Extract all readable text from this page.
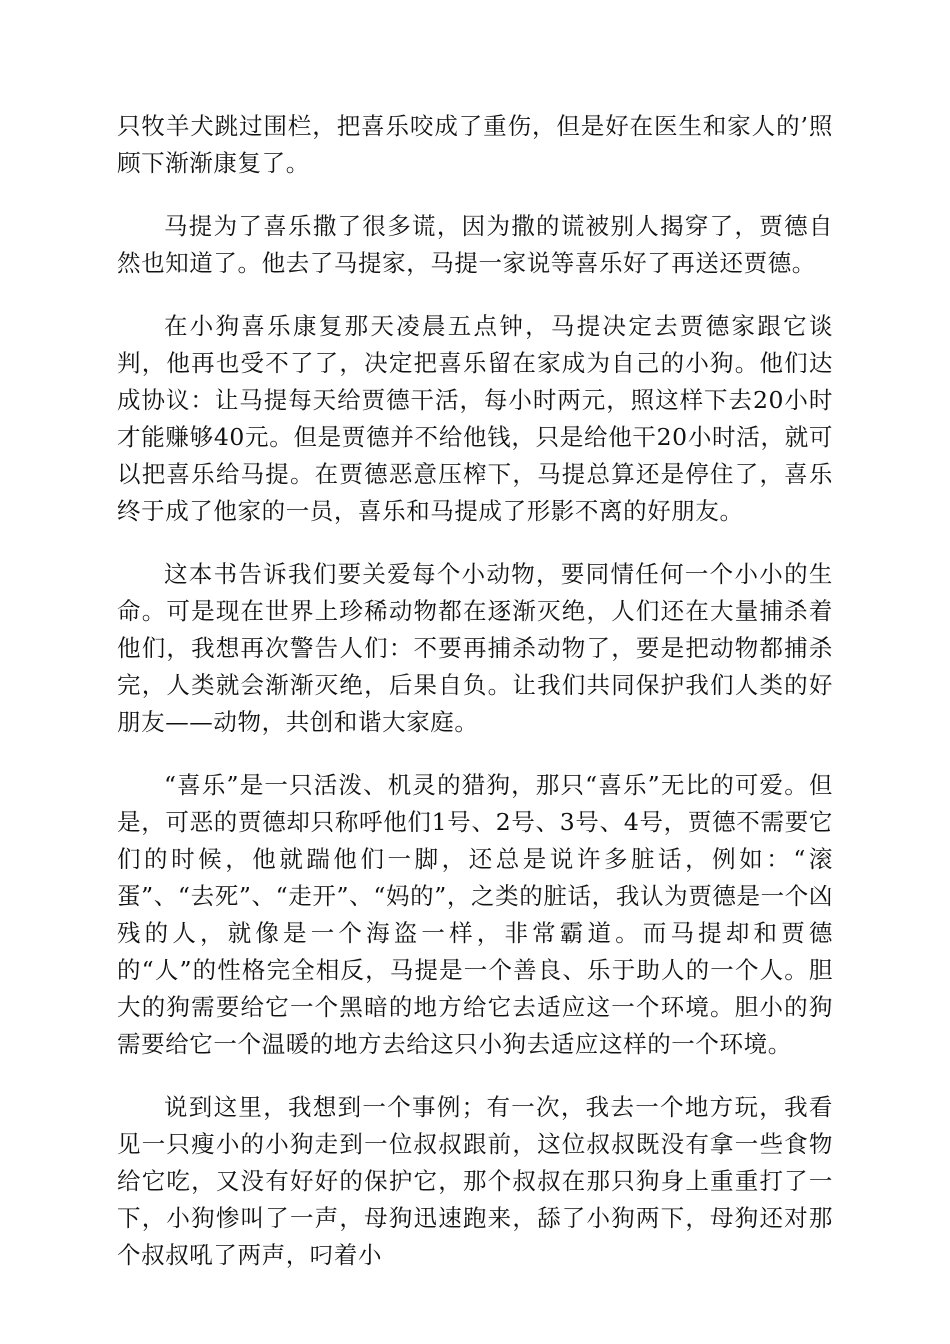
只牧羊犬跳过围栏，把喜乐咬成了重伤，但是好在医生和家人的’照顾下渐渐康复了。

马提为了喜乐撒了很多谎，因为撒的谎被别人揭穿了，贾德自然也知道了。他去了马提家，马提一家说等喜乐好了再送还贾德。

在小狗喜乐康复那天凌晨五点钟，马提决定去贾德家跟它谈判，他再也受不了了，决定把喜乐留在家成为自己的小狗。他们达成协议：让马提每天给贾德干活，每小时两元，照这样下去20小时才能赚够40元。但是贾德并不给他钱，只是给他干20小时活，就可以把喜乐给马提。在贾德恶意压榨下，马提总算还是停住了，喜乐终于成了他家的一员，喜乐和马提成了形影不离的好朋友。

这本书告诉我们要关爱每个小动物，要同情任何一个小小的生命。可是现在世界上珍稀动物都在逐渐灭绝，人们还在大量捕杀着他们，我想再次警告人们：不要再捕杀动物了，要是把动物都捕杀完，人类就会渐渐灭绝，后果自负。让我们共同保护我们人类的好朋友——动物，共创和谐大家庭。

“喜乐”是一只活泼、机灵的猎狗，那只“喜乐”无比的可爱。但是，可恶的贾德却只称呼他们1号、2号、3号、4号，贾德不需要它们的时候，他就踹他们一脚，还总是说许多脏话，例如：“滚蛋”、“去死”、“走开”、“妈的”，之类的脏话，我认为贾德是一个凶残的人，就像是一个海盗一样，非常霸道。而马提却和贾德的“人”的性格完全相反，马提是一个善良、乐于助人的一个人。胆大的狗需要给它一个黑暗的地方给它去适应这一个环境。胆小的狗需要给它一个温暖的地方去给这只小狗去适应这样的一个环境。

说到这里，我想到一个事例；有一次，我去一个地方玩，我看见一只瘦小的小狗走到一位叔叔跟前，这位叔叔既没有拿一些食物给它吃，又没有好好的保护它，那个叔叔在那只狗身上重重打了一下，小狗惨叫了一声，母狗迅速跑来，舔了小狗两下，母狗还对那个叔叔吼了两声，叼着小
